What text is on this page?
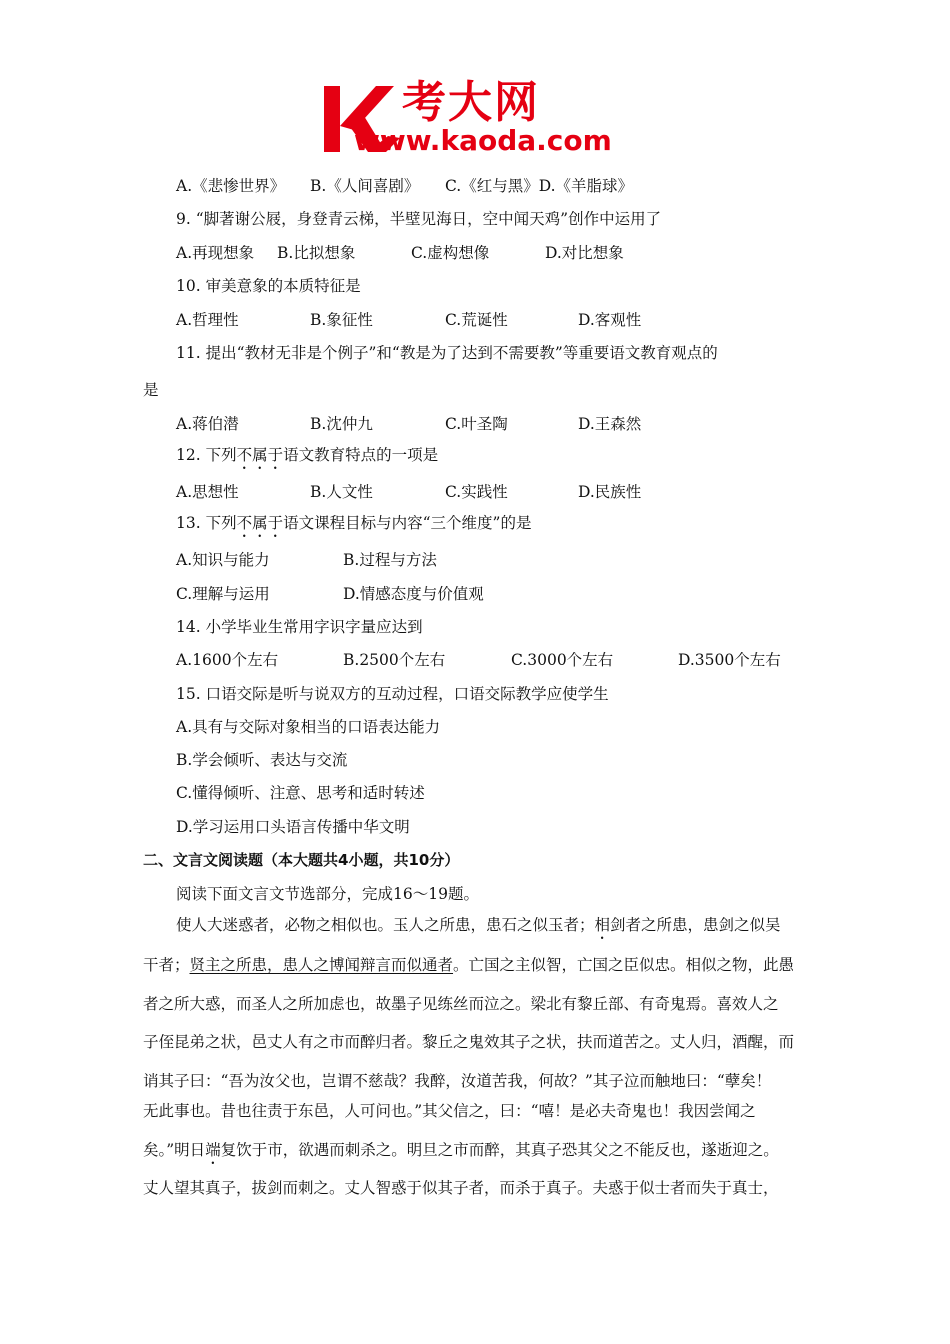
考大网
www.kaoda.com
A.《悲惨世界》 B.《人间喜剧》 C.《红与黑》D.《羊脂球》
9. “脚著谢公屐，身登青云梯，半壁见海日，空中闻天鸡”创作中运用了
A.再现想象 B.比拟想象	C.虚构想像	D.对比想象
10. 审美意象的本质特征是
A.哲理性	B.象征性	C.荒诞性	D.客观性
11. 提出“教材无非是个例子”和“教是为了达到不需要教”等重要语文教育观点的
是
A.蒋伯潜	B.沈仲九	C.叶圣陶	D.王森然
12. 下列不属于语文教育特点的一项是
A.思想性	B.人文性	C.实践性	D.民族性
13. 下列不属于语文课程目标与内容“三个维度”的是
A.知识与能力	B.过程与方法
C.理解与运用	D.情感态度与价值观
14. 小学毕业生常用字识字量应达到
A.1600个左右	B.2500个左右	C.3000个左右	D.3500个左右
15. 口语交际是听与说双方的互动过程，口语交际教学应使学生
A.具有与交际对象相当的口语表达能力
B.学会倾听、表达与交流
C.懂得倾听、注意、思考和适时转述
D.学习运用口头语言传播中华文明
二、文言文阅读题（本大题共4小题，共10分）
阅读下面文言文节选部分，完成16～19题。
使人大迷惑者，必物之相似也。玉人之所患，患石之似玉者；相剑者之所患，患剑之似吴
干者；贤主之所患，患人之博闻辩言而似通者。亡国之主似智，亡国之臣似忠。相似之物，此愚
者之所大惑，而圣人之所加虑也，故墨子见练丝而泣之。梁北有黎丘部、有奇鬼焉。喜效人之
子侄昆弟之状，邑丈人有之市而醉归者。黎丘之鬼效其子之状，扶而道苦之。丈人归，酒醒，而
诮其子曰：“吾为汝父也，岂谓不慈哉？我醉，汝道苦我，何故？”其子泣而触地曰：“孽矣！
无此事也。昔也往责于东邑，人可问也。”其父信之，曰：“嘻！是必夫奇鬼也！我因尝闻之
矣。”明日端复饮于市，欲遇而刺杀之。明旦之市而醉，其真子恐其父之不能反也，遂逝迎之。
丈人望其真子，拔剑而刺之。丈人智惑于似其子者，而杀于真子。夫惑于似士者而失于真士，
